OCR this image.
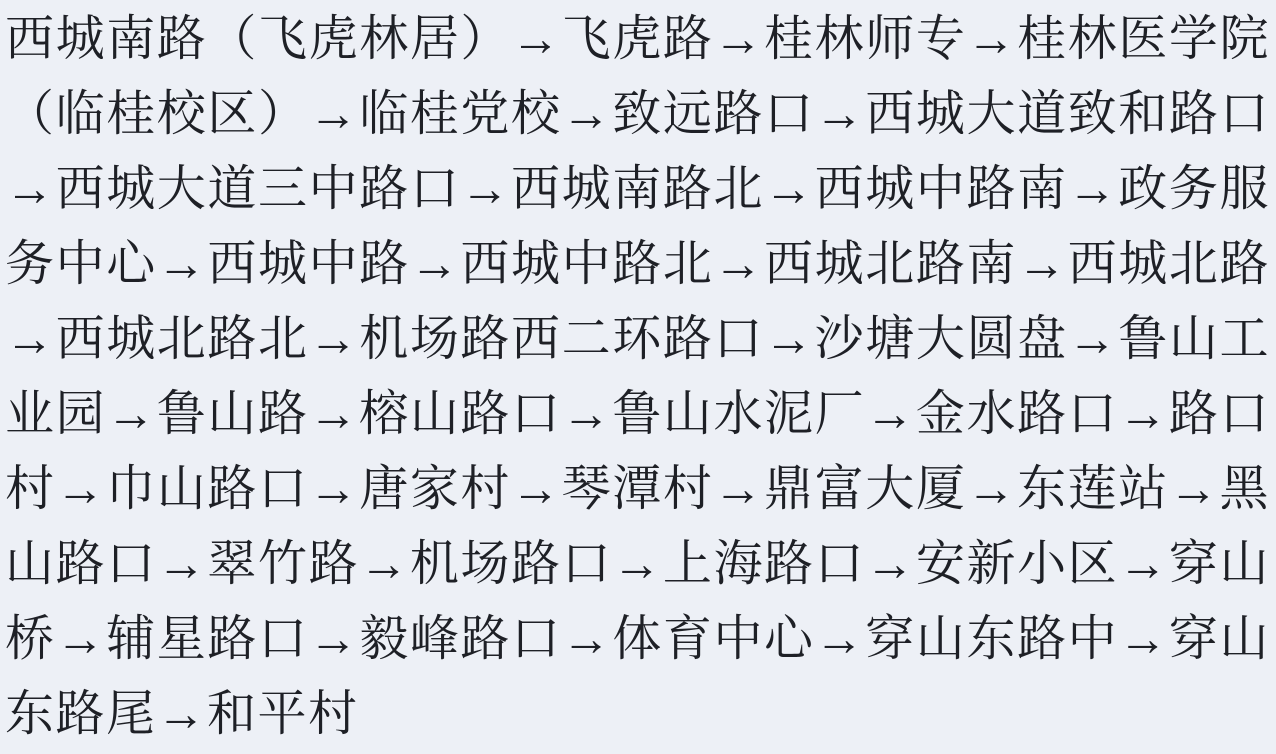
西城南路（飞虎林居）→飞虎路→桂林师专→桂林医学院（临桂校区）→临桂党校→致远路口→西城大道致和路口→西城大道三中路口→西城南路北→西城中路南→政务服务中心→西城中路→西城中路北→西城北路南→西城北路→西城北路北→机场路西二环路口→沙塘大圆盘→鲁山工业园→鲁山路→榕山路口→鲁山水泥厂→金水路口→路口村→巾山路口→唐家村→琴潭村→鼎富大厦→东莲站→黑山路口→翠竹路→机场路口→上海路口→安新小区→穿山桥→辅星路口→毅峰路口→体育中心→穿山东路中→穿山东路尾→和平村
